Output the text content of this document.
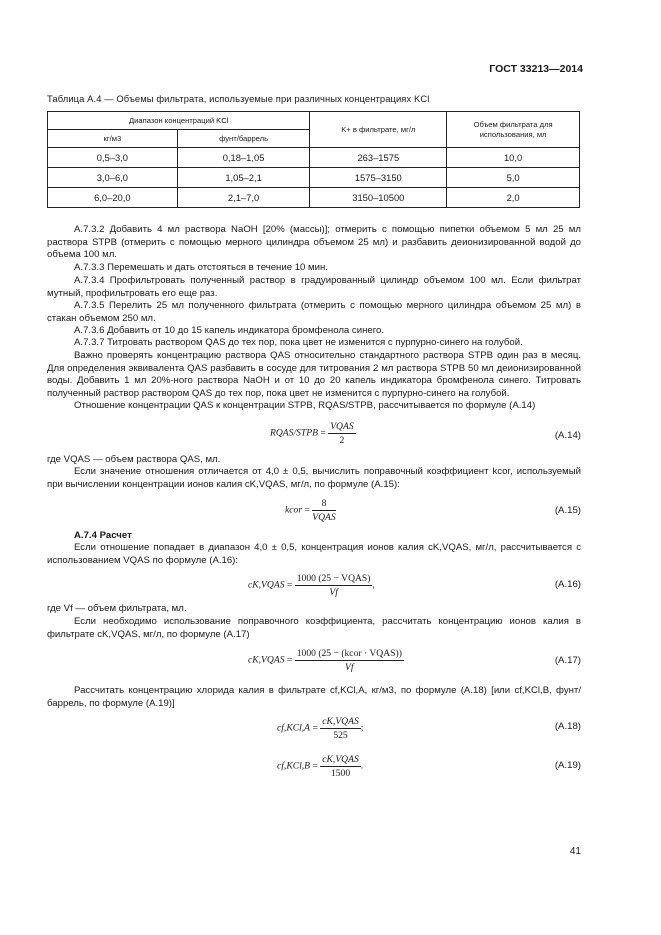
ГОСТ 33213—2014
Таблица А.4 — Объемы фильтрата, используемые при различных концентрациях KCl
Диапазон концентраций KCl		K+ в фильтрате, мг/л	Объем фильтрата для использования, мл
кг/м3	фунт/баррель		
0,5–3,0	0,18–1,05	263–1575	10,0
3,0–6,0	1,05–2,1	1575–3150	5,0
6,0–20,0	2,1–7,0	3150–10500	2,0
А.7.3.2 Добавить 4 мл раствора NaOH [20% (массы)]; отмерить с помощью пипетки объемом 5 мл 25 мл раствора STPB (отмерить с помощью мерного цилиндра объемом 25 мл) и разбавить деионизированной водой до объема 100 мл.
А.7.3.3 Перемешать и дать отстояться в течение 10 мин.
А.7.3.4 Профильтровать полученный раствор в градуированный цилиндр объемом 100 мл. Если фильтрат мутный, профильтровать его еще раз.
А.7.3.5 Перелить 25 мл полученного фильтрата (отмерить с помощью мерного цилиндра объемом 25 мл) в стакан объемом 250 мл.
А.7.3.6 Добавить от 10 до 15 капель индикатора бромфенола синего.
А.7.3.7 Титровать раствором QAS до тех пор, пока цвет не изменится с пурпурно-синего на голубой.
Важно проверять концентрацию раствора QAS относительно стандартного раствора STPB один раз в месяц. Для определения эквивалента QAS разбавить в сосуде для титрования 2 мл раствора STPB 50 мл деионизированной воды. Добавить 1 мл 20%-ного раствора NaOH и от 10 до 20 капель индикатора бромфенола синего. Титровать полученный раствор раствором QAS до тех пор, пока цвет не изменится с пурпурно-синего на голубой.
Отношение концентрации QAS к концентрации STPB, RQAS/STPB, рассчитывается по формуле (А.14)
RQAS/STPB = $\frac{\text{VQAS}}{2}$	(А.14)
где VQAS — объем раствора QAS, мл.
Если значение отношения отличается от 4,0 ± 0,5, вычислить поправочный коэффициент kcor, используемый при вычислении концентрации ионов калия cK,VQAS, мг/л, по формуле (А.15):
kcor = $\frac{8}{\text{VQAS}}$	(А.15)
А.7.4 Расчет
Если отношение попадает в диапазон 4,0 ± 0,5, концентрация ионов калия cK,VQAS, мг/л, рассчитывается с использованием VQAS по формуле (А.16):
cK,VQAS = $\frac{\text{1000 (25 − VQAS)}}{Vf}$ ,	(А.16)
где Vf — объем фильтрата, мл.
Если необходимо использование поправочного коэффициента, рассчитать концентрацию ионов калия в фильтрате cK,VQAS, мг/л, по формуле (А.17)
cK,VQAS = $\frac{\text{1000 (25 − (kcor · VQAS))}}{Vf}$	(А.17)
Рассчитать концентрацию хлорида калия в фильтрате cf,KCl,A, кг/м3, по формуле (А.18) [или cf,KCl,B, фунт/баррель, по формуле (А.19)]
$cf,KCl,A = \frac{\text{cK,VQAS}}{525}$ ;	(А.18)
$cf,KCl,B = \frac{\text{cK,VQAS}}{1500}$ .	(А.19)
41
